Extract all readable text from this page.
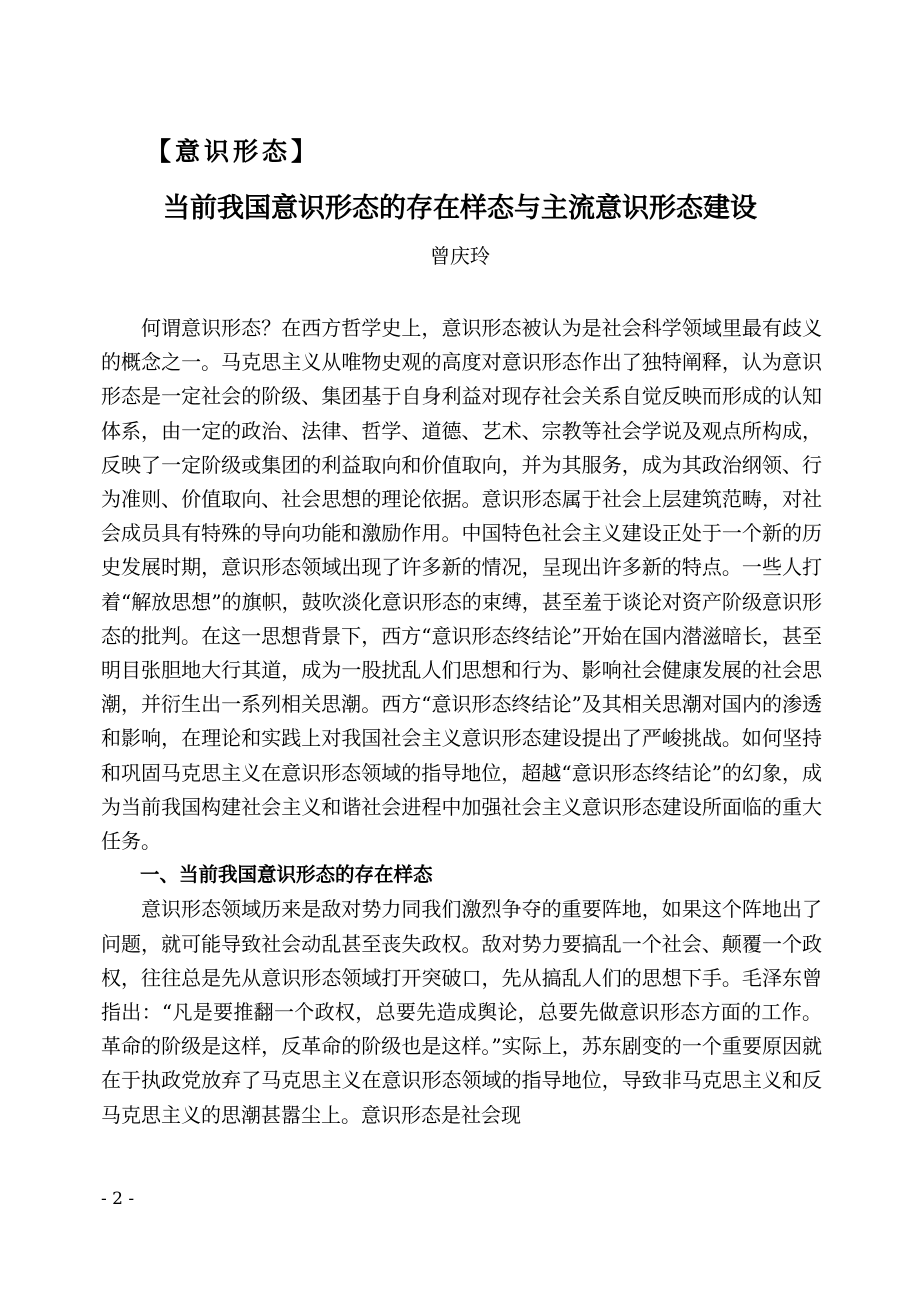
【意识形态】
当前我国意识形态的存在样态与主流意识形态建设
曾庆玲

何谓意识形态？在西方哲学史上，意识形态被认为是社会科学领域里最有歧义的概念之一。马克思主义从唯物史观的高度对意识形态作出了独特阐释，认为意识形态是一定社会的阶级、集团基于自身利益对现存社会关系自觉反映而形成的认知体系，由一定的政治、法律、哲学、道德、艺术、宗教等社会学说及观点所构成，反映了一定阶级或集团的利益取向和价值取向，并为其服务，成为其政治纲领、行为准则、价值取向、社会思想的理论依据。意识形态属于社会上层建筑范畴，对社会成员具有特殊的导向功能和激励作用。中国特色社会主义建设正处于一个新的历史发展时期，意识形态领域出现了许多新的情况，呈现出许多新的特点。一些人打着“解放思想”的旗帜，鼓吹淡化意识形态的束缚，甚至羞于谈论对资产阶级意识形态的批判。在这一思想背景下，西方“意识形态终结论”开始在国内潜滋暗长，甚至明目张胆地大行其道，成为一股扰乱人们思想和行为、影响社会健康发展的社会思潮，并衍生出一系列相关思潮。西方“意识形态终结论”及其相关思潮对国内的渗透和影响，在理论和实践上对我国社会主义意识形态建设提出了严峻挑战。如何坚持和巩固马克思主义在意识形态领域的指导地位，超越“意识形态终结论”的幻象，成为当前我国构建社会主义和谐社会进程中加强社会主义意识形态建设所面临的重大任务。

一、当前我国意识形态的存在样态

意识形态领域历来是敌对势力同我们激烈争夺的重要阵地，如果这个阵地出了问题，就可能导致社会动乱甚至丧失政权。敌对势力要搞乱一个社会、颠覆一个政权，往往总是先从意识形态领域打开突破口，先从搞乱人们的思想下手。毛泽东曾指出：“凡是要推翻一个政权，总要先造成舆论，总要先做意识形态方面的工作。革命的阶级是这样，反革命的阶级也是这样。”实际上，苏东剧变的一个重要原因就在于执政党放弃了马克思主义在意识形态领域的指导地位，导致非马克思主义和反马克思主义的思潮甚嚣尘上。意识形态是社会现

- 2 -
